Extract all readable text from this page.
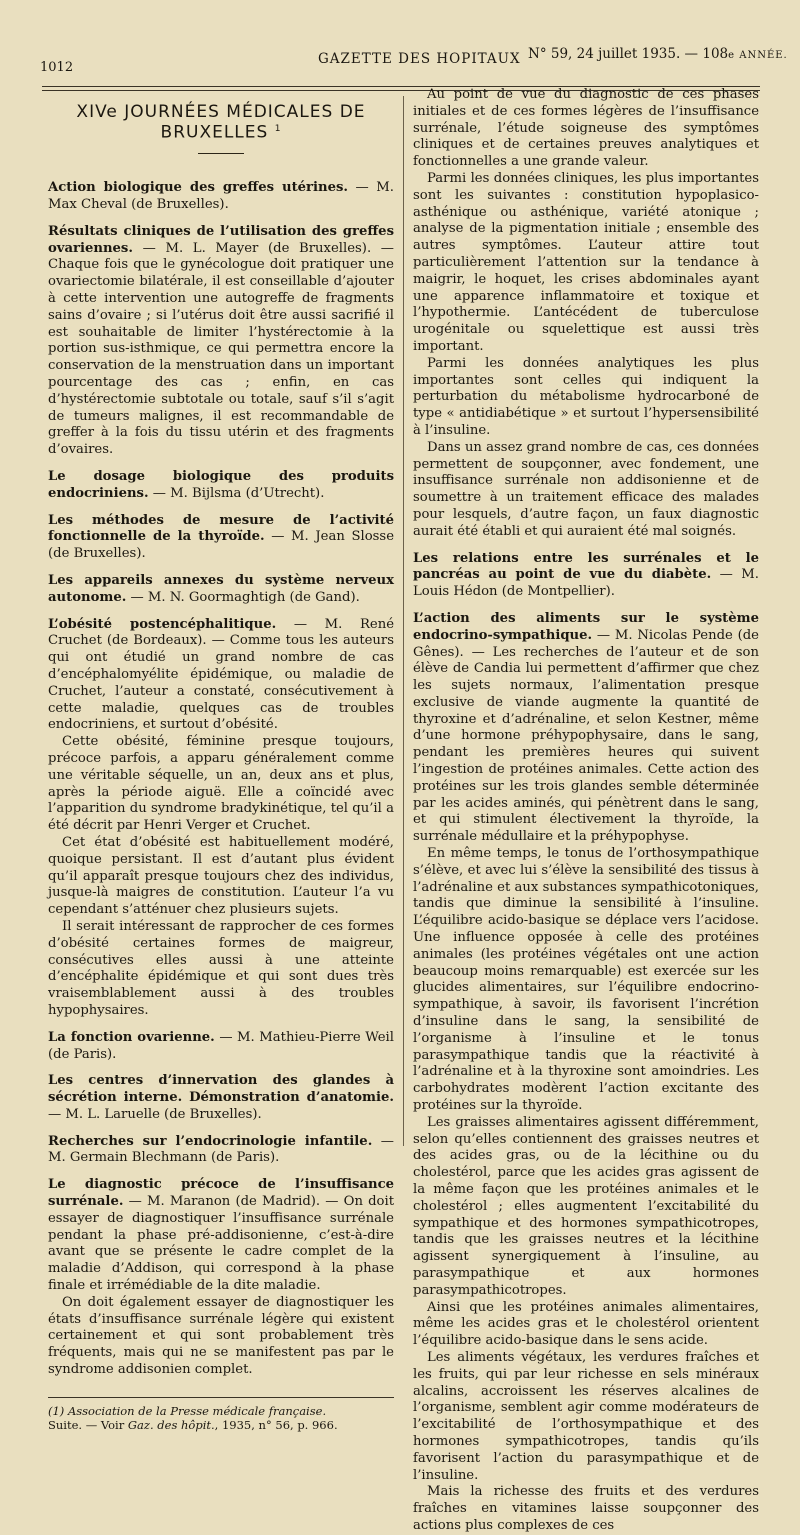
1012
GAZETTE DES HOPITAUX N° 59, 24 juillet 1935. — 108e ANNÉE.
XIVe JOURNÉES MÉDICALES DE BRUXELLES $^1$

Action biologique des greffes utérines. — M. Max Cheval (de Bruxelles).

Résultats cliniques de l’utilisation des greffes ovariennes. — M. L. Mayer (de Bruxelles). — Chaque fois que le gynécologue doit pratiquer une ovariectomie bilatérale, il est conseillable d’ajouter à cette intervention une autogreffe de fragments sains d’ovaire ; si l’utérus doit être aussi sacrifié il est souhaitable de limiter l’hystérectomie à la portion sus-isthmique, ce qui permettra encore la conservation de la menstruation dans un important pourcentage des cas ; enfin, en cas d’hystérectomie subtotale ou totale, sauf s’il s’agit de tumeurs malignes, il est recommandable de greffer à la fois du tissu utérin et des fragments d’ovaires.

Le dosage biologique des produits endocriniens. — M. Bijlsma (d’Utrecht).

Les méthodes de mesure de l’activité fonctionnelle de la thyroïde. — M. Jean Slosse (de Bruxelles).

Les appareils annexes du système nerveux autonome. — M. N. Goormaghtigh (de Gand).

L’obésité postencéphalitique. — M. René Cruchet (de Bordeaux). — Comme tous les auteurs qui ont étudié un grand nombre de cas d’encéphalomyélite épidémique, ou maladie de Cruchet, l’auteur a constaté, consécutivement à cette maladie, quelques cas de troubles endocriniens, et surtout d’obésité.

Cette obésité, féminine presque toujours, précoce parfois, a apparu généralement comme une véritable séquelle, un an, deux ans et plus, après la période aiguë. Elle a coïncidé avec l’apparition du syndrome bradykinétique, tel qu’il a été décrit par Henri Verger et Cruchet.

Cet état d’obésité est habituellement modéré, quoique persistant. Il est d’autant plus évident qu’il apparaît presque toujours chez des individus, jusque-là maigres de constitution. L’auteur l’a vu cependant s’atténuer chez plusieurs sujets.

Il serait intéressant de rapprocher de ces formes d’obésité certaines formes de maigreur, consécutives elles aussi à une atteinte d’encéphalite épidémique et qui sont dues très vraisemblablement aussi à des troubles hypophysaires.

La fonction ovarienne. — M. Mathieu-Pierre Weil (de Paris).

Les centres d’innervation des glandes à sécrétion interne. Démonstration d’anatomie. — M. L. Laruelle (de Bruxelles).

Recherches sur l’endocrinologie infantile. — M. Germain Blechmann (de Paris).

Le diagnostic précoce de l’insuffisance surrénale. — M. Maranon (de Madrid). — On doit essayer de diagnostiquer l’insuffisance surrénale pendant la phase pré-addisonienne, c’est-à-dire avant que se présente le cadre complet de la maladie d’Addison, qui correspond à la phase finale et irrémédiable de la dite maladie.

On doit également essayer de diagnostiquer les états d’insuffisance surrénale légère qui existent certainement et qui sont probablement très fréquents, mais qui ne se manifestent pas par le syndrome addisonien complet.

(1) Association de la Presse médicale française.
Suite. — Voir Gaz. des hôpit., 1935, n° 56, p. 966.

Au point de vue du diagnostic de ces phases initiales et de ces formes légères de l’insuffisance surrénale, l’étude soigneuse des symptômes cliniques et de certaines preuves analytiques et fonctionnelles a une grande valeur.

Parmi les données cliniques, les plus importantes sont les suivantes : constitution hypoplasico-asthénique ou asthénique, variété atonique ; analyse de la pigmentation initiale ; ensemble des autres symptômes. L’auteur attire tout particulièrement l’attention sur la tendance à maigrir, le hoquet, les crises abdominales ayant une apparence inflammatoire et toxique et l’hypothermie. L’antécédent de tuberculose urogénitale ou squelettique est aussi très important.

Parmi les données analytiques les plus importantes sont celles qui indiquent la perturbation du métabolisme hydrocarboné de type « antidiabétique » et surtout l’hypersensibilité à l’insuline.

Dans un assez grand nombre de cas, ces données permettent de soupçonner, avec fondement, une insuffisance surrénale non addisonienne et de soumettre à un traitement efficace des malades pour lesquels, d’autre façon, un faux diagnostic aurait été établi et qui auraient été mal soignés.

Les relations entre les surrénales et le pancréas au point de vue du diabète. — M. Louis Hédon (de Montpellier).

L’action des aliments sur le système endocrino-sympathique. — M. Nicolas Pende (de Gênes). — Les recherches de l’auteur et de son élève de Candia lui permettent d’affirmer que chez les sujets normaux, l’alimentation presque exclusive de viande augmente la quantité de thyroxine et d’adrénaline, et selon Kestner, même d’une hormone préhypophysaire, dans le sang, pendant les premières heures qui suivent l’ingestion de protéines animales. Cette action des protéines sur les trois glandes semble déterminée par les acides aminés, qui pénètrent dans le sang, et qui stimulent électivement la thyroïde, la surrénale médullaire et la préhypophyse.

En même temps, le tonus de l’orthosympathique s’élève, et avec lui s’élève la sensibilité des tissus à l’adrénaline et aux substances sympathicotoniques, tandis que diminue la sensibilité à l’insuline. L’équilibre acido-basique se déplace vers l’acidose. Une influence opposée à celle des protéines animales (les protéines végétales ont une action beaucoup moins remarquable) est exercée sur les glucides alimentaires, sur l’équilibre endocrino-sympathique, à savoir, ils favorisent l’incrétion d’insuline dans le sang, la sensibilité de l’organisme à l’insuline et le tonus parasympathique tandis que la réactivité à l’adrénaline et à la thyroxine sont amoindries. Les carbohydrates modèrent l’action excitante des protéines sur la thyroïde.

Les graisses alimentaires agissent différemment, selon qu’elles contiennent des graisses neutres et des acides gras, ou de la lécithine ou du cholestérol, parce que les acides gras agissent de la même façon que les protéines animales et le cholestérol ; elles augmentent l’excitabilité du sympathique et des hormones sympathicotropes, tandis que les graisses neutres et la lécithine agissent synergiquement à l’insuline, au parasympathique et aux hormones parasympathicotropes.

Ainsi que les protéines animales alimentaires, même les acides gras et le cholestérol orientent l’équilibre acido-basique dans le sens acide.

Les aliments végétaux, les verdures fraîches et les fruits, qui par leur richesse en sels minéraux alcalins, accroissent les réserves alcalines de l’organisme, semblent agir comme modérateurs de l’excitabilité de l’orthosympathique et des hormones sympathicotropes, tandis qu’ils favorisent l’action du parasympathique et de l’insuline.

Mais la richesse des fruits et des verdures fraîches en vitamines laisse soupçonner des actions plus complexes de ces
